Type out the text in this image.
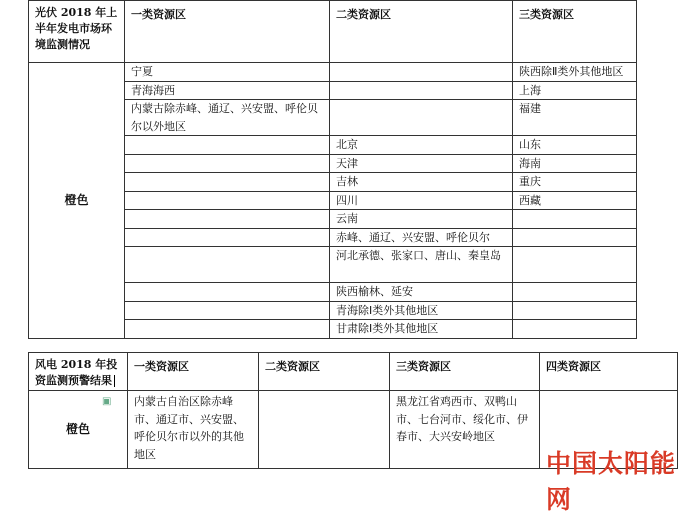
光伏 2018 年上半年发电市场环境监测情况	一类资源区	二类资源区	三类资源区
橙色	宁夏		陕西除Ⅱ类外其他地区
	青海海西		上海
	内蒙古除赤峰、通辽、兴安盟、呼伦贝尔以外地区		福建
		北京	山东
		天津	海南
		吉林	重庆
		四川	西藏
		云南	
		赤峰、通辽、兴安盟、呼伦贝尔	
		河北承德、张家口、唐山、秦皇岛	
		陕西榆林、延安	
		青海除Ⅰ类外其他地区	
		甘肃除Ⅰ类外其他地区	
风电 2018 年投资监测预警结果	一类资源区	二类资源区	三类资源区	四类资源区
橙色	▣ 内蒙古自治区除赤峰市、通辽市、兴安盟、呼伦贝尔市以外的其他地区		黑龙江省鸡西市、双鸭山市、七台河市、绥化市、伊春市、大兴安岭地区	
中国太阳能网
